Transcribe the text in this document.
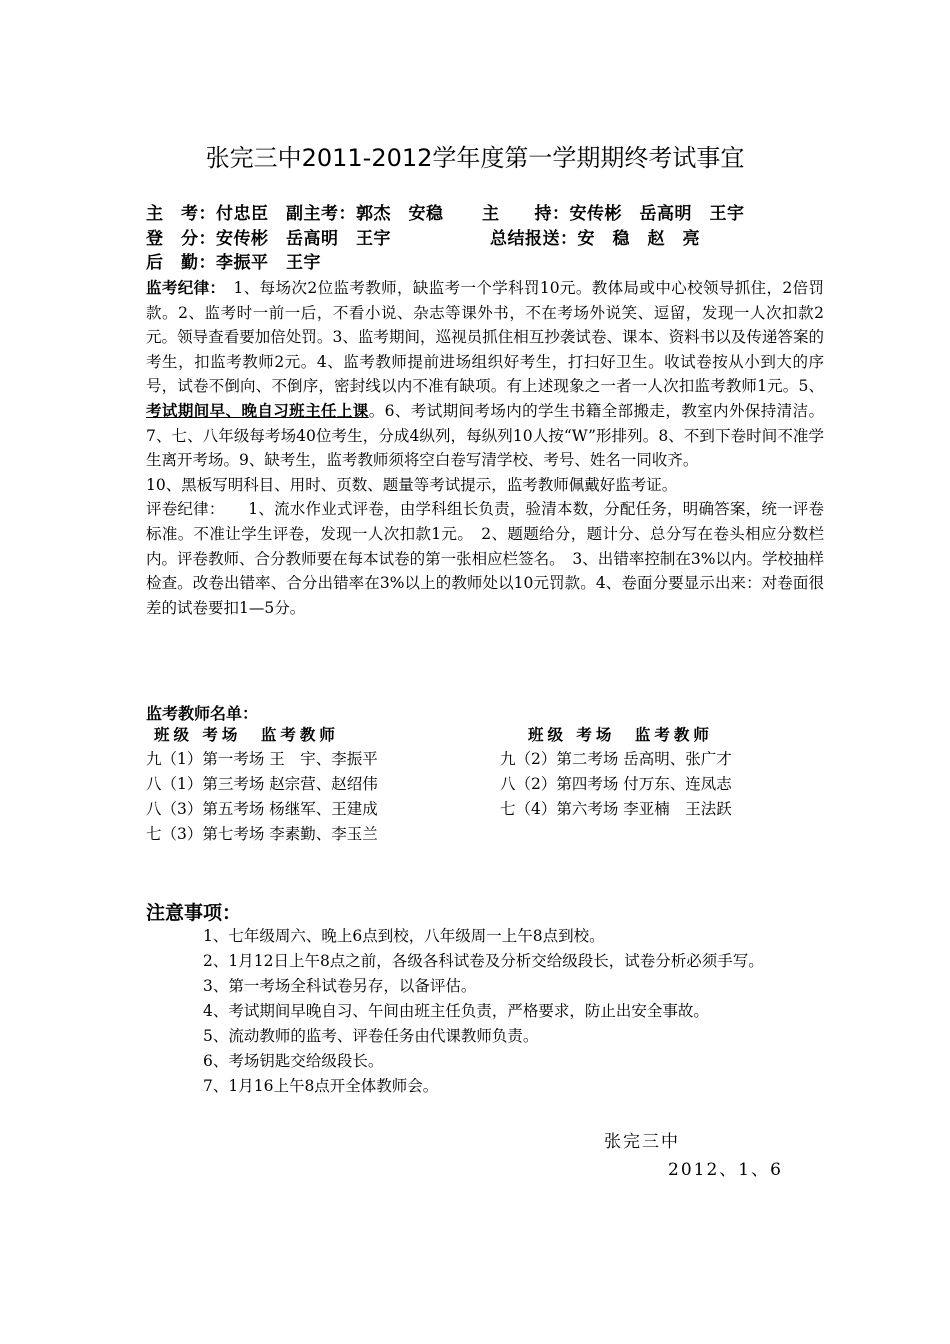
张完三中2011-2012学年度第一学期期终考试事宜
主　考：付忠臣 副主考：郭杰　安稳 主　　持：安传彬　岳高明　王宇
登　分：安传彬　岳高明　王宇	总结报送：安　稳　赵　亮
后　勤：李振平　王宇
监考纪律：　1、每场次2位监考教师，缺监考一个学科罚10元。教体局或中心校领导抓住，2倍罚款。2、监考时一前一后，不看小说、杂志等课外书，不在考场外说笑、逗留，发现一人次扣款2元。领导查看要加倍处罚。3、监考期间，巡视员抓住相互抄袭试卷、课本、资料书以及传递答案的考生，扣监考教师2元。4、监考教师提前进场组织好考生，打扫好卫生。收试卷按从小到大的序号，试卷不倒向、不倒序，密封线以内不准有缺项。有上述现象之一者一人次扣监考教师1元。5、考试期间早、晚自习班主任上课。6、考试期间考场内的学生书籍全部搬走，教室内外保持清洁。7、七、八年级每考场40位考生，分成4纵列，每纵列10人按“W”形排列。8、不到下卷时间不准学生离开考场。9、缺考生，监考教师须将空白卷写清学校、考号、姓名一同收齐。
10、黑板写明科目、用时、页数、题量等考试提示，监考教师佩戴好监考证。
评卷纪律：　　1、流水作业式评卷，由学科组长负责，验清本数，分配任务，明确答案，统一评卷标准。不准让学生评卷，发现一人次扣款1元。　2、题题给分，题计分、总分写在卷头相应分数栏内。评卷教师、合分教师要在每本试卷的第一张相应栏签名。　3、出错率控制在3%以内。学校抽样检查。改卷出错率、合分出错率在3%以上的教师处以10元罚款。4、卷面分要显示出来：对卷面很差的试卷要扣1—5分。
监考教师名单：
班级 考场　监考教师
九（1）第一考场 王　宇、李振平
八（1）第三考场 赵宗营、赵绍伟
八（3）第五考场 杨继军、王建成
七（3）第七考场 李素勤、李玉兰
班级 考场　监考教师
九（2）第二考场 岳高明、张广才
八（2）第四考场 付万东、连凤志
七（4）第六考场 李亚楠　王法跃
注意事项：

1、七年级周六、晚上6点到校，八年级周一上午8点到校。

2、1月12日上午8点之前，各级各科试卷及分析交给级段长，试卷分析必须手写。

3、第一考场全科试卷另存，以备评估。

4、考试期间早晚自习、午间由班主任负责，严格要求，防止出安全事故。

5、流动教师的监考、评卷任务由代课教师负责。

6、考场钥匙交给级段长。

7、1月16上午8点开全体教师会。

张完三中
2012、1、6
